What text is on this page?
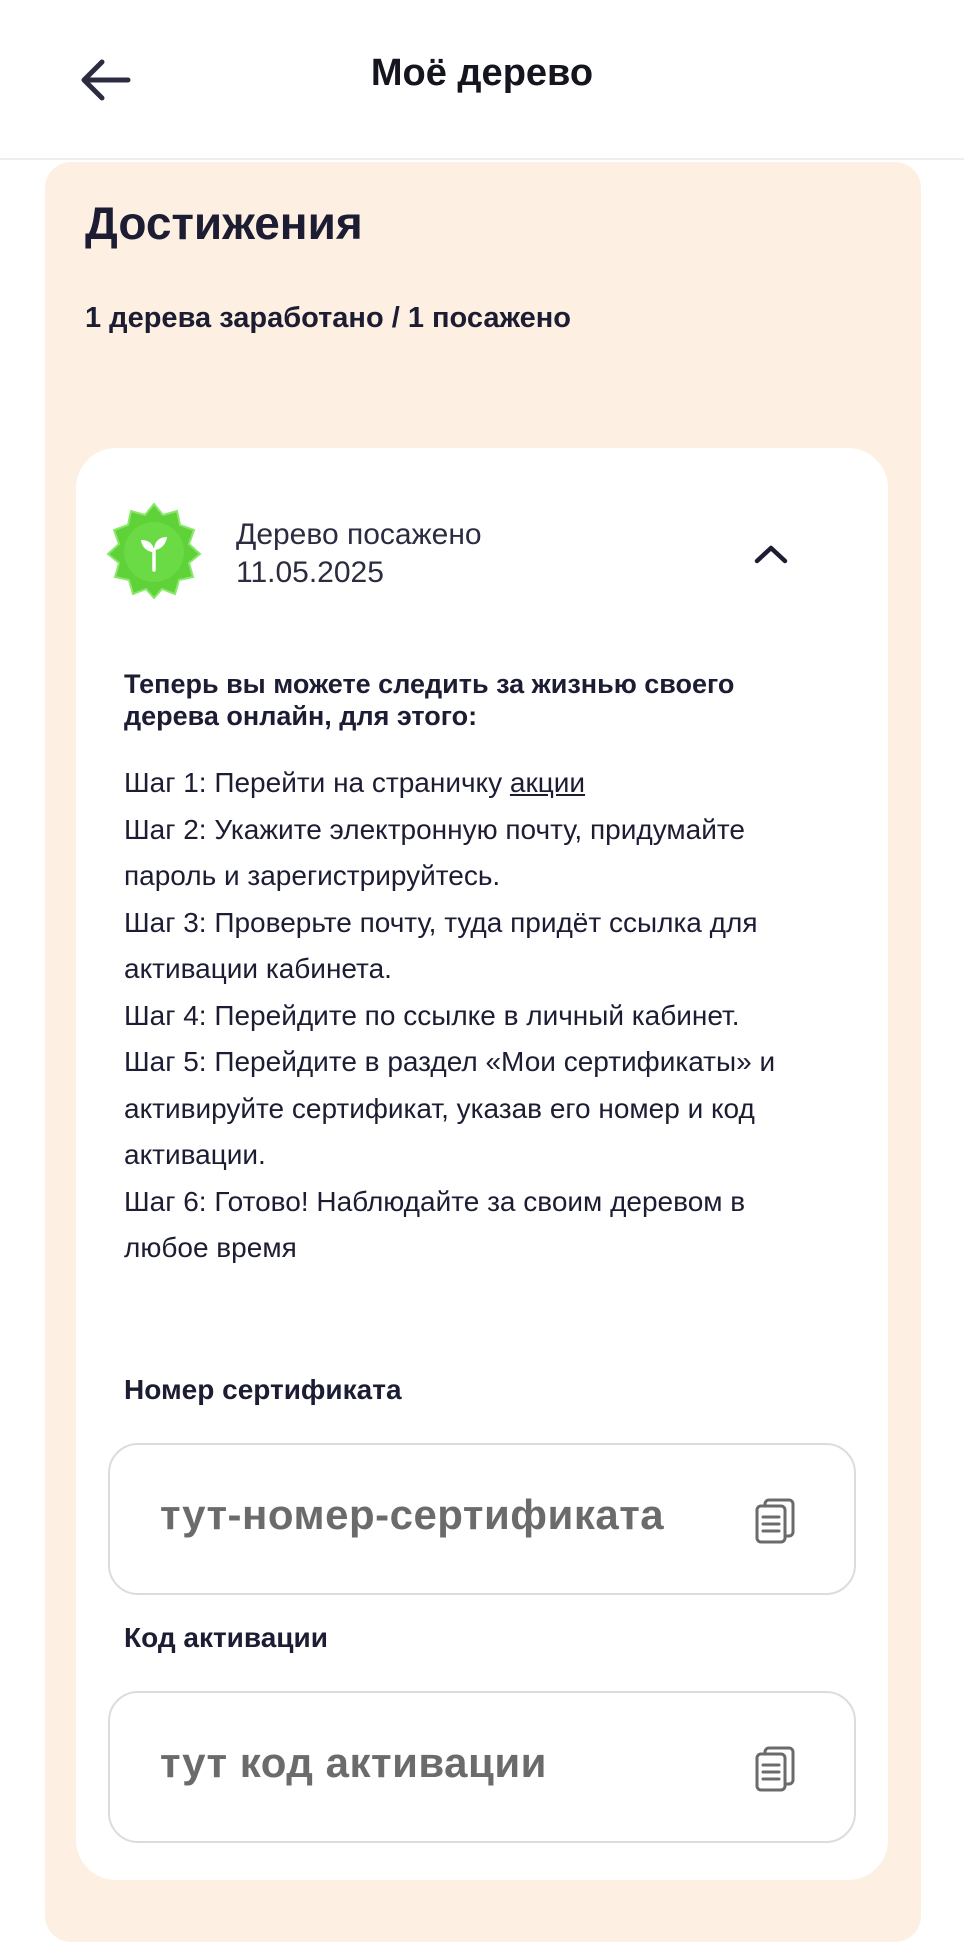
Моё дерево
Достижения
1 дерева заработано / 1 посажено
Дерево посажено
11.05.2025
Теперь вы можете следить за жизнью своего дерева онлайн, для этого:
Шаг 1: Перейти на страничку акции
Шаг 2: Укажите электронную почту, придумайте пароль и зарегистрируйтесь.
Шаг 3: Проверьте почту, туда придёт ссылка для активации кабинета.
Шаг 4: Перейдите по ссылке в личный кабинет.
Шаг 5: Перейдите в раздел «Мои сертификаты» и активируйте сертификат, указав его номер и код активации.
Шаг 6: Готово! Наблюдайте за своим деревом в любое время
Номер сертификата
тут-номер-сертификата
Код активации
тут код активации
